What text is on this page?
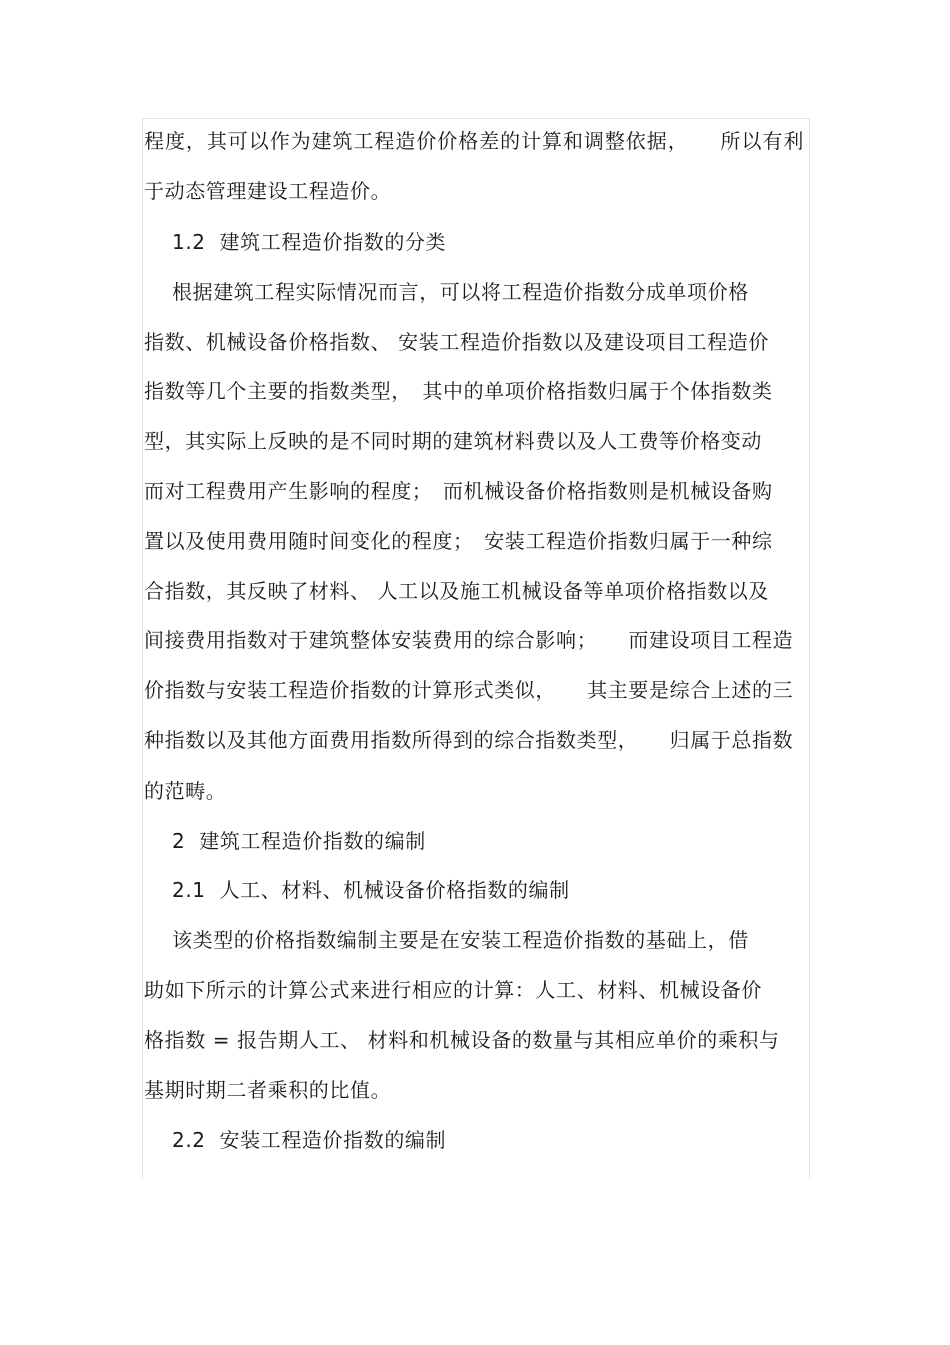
程度，其可以作为建筑工程造价价格差的计算和调整依据，　　所以有利
于动态管理建设工程造价。
1.2  建筑工程造价指数的分类
根据建筑工程实际情况而言，可以将工程造价指数分成单项价格
指数、机械设备价格指数、 安装工程造价指数以及建设项目工程造价
指数等几个主要的指数类型，　其中的单项价格指数归属于个体指数类
型，其实际上反映的是不同时期的建筑材料费以及人工费等价格变动
而对工程费用产生影响的程度；　而机械设备价格指数则是机械设备购
置以及使用费用随时间变化的程度；　安装工程造价指数归属于一种综
合指数，其反映了材料、 人工以及施工机械设备等单项价格指数以及
间接费用指数对于建筑整体安装费用的综合影响；　　而建设项目工程造
价指数与安装工程造价指数的计算形式类似，　　其主要是综合上述的三
种指数以及其他方面费用指数所得到的综合指数类型，　　归属于总指数
的范畴。
2  建筑工程造价指数的编制
2.1  人工、材料、机械设备价格指数的编制
该类型的价格指数编制主要是在安装工程造价指数的基础上，借
助如下所示的计算公式来进行相应的计算：人工、材料、机械设备价
格指数 = 报告期人工、 材料和机械设备的数量与其相应单价的乘积与
基期时期二者乘积的比值。
2.2  安装工程造价指数的编制
